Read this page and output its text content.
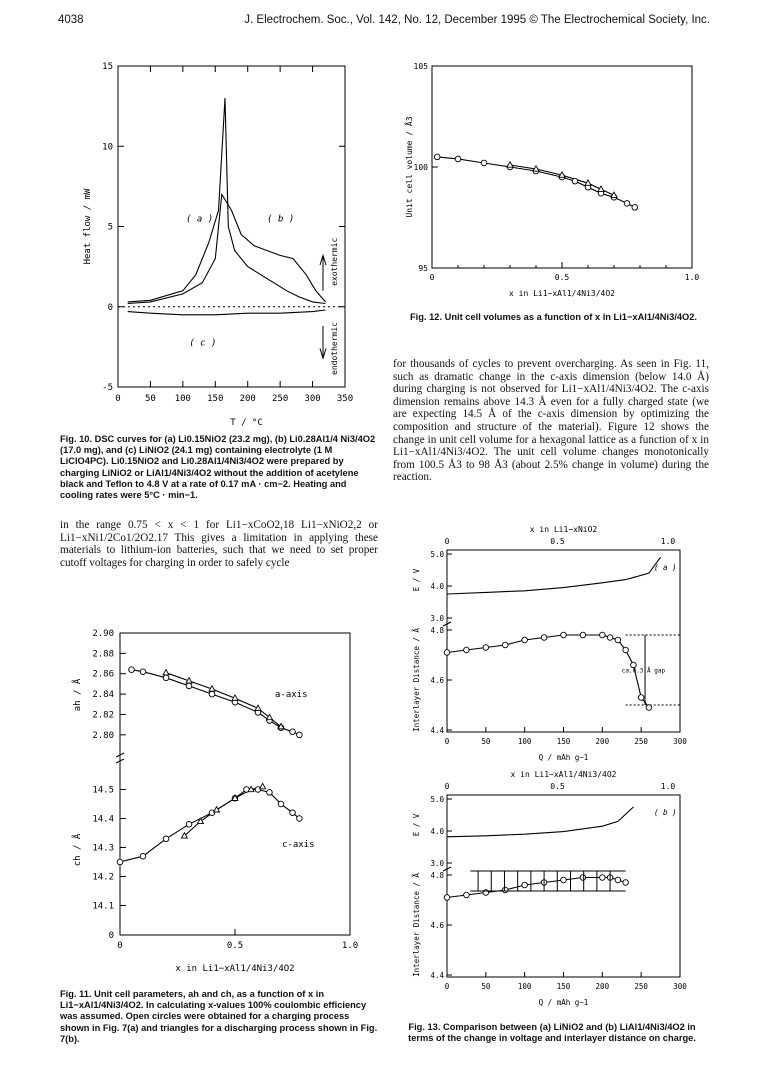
4038	J. Electrochem. Soc., Vol. 142, No. 12, December 1995 © The Electrochemical Society, Inc.
0	50 100 150 200 250 300 350
-5
0
5
10
15
Heat flow / mW
T / °C
( a )	( b )
( c )
exothermic
endothermic
Fig. 10. DSC curves for (a) Li0.15NiO2 (23.2 mg), (b) Li0.28Al1/4 Ni3/4O2 (17.0 mg), and (c) LiNiO2 (24.1 mg) containing electrolyte (1 M LiClO4PC). Li0.15NiO2 and Li0.28Al1/4Ni3/4O2 were prepared by charging LiNiO2 or LiAl1/4Ni3/4O2 without the addition of acetylene black and Teflon to 4.8 V at a rate of 0.17 mA · cm−2. Heating and cooling rates were 5°C · min−1.
0	0.5	1.0
95
100
105
Unit cell volume / Å3
x in Li1−xAl1/4Ni3/4O2
Fig. 12. Unit cell volumes as a function of x in Li1−xAl1/4Ni3/4O2.
for thousands of cycles to prevent overcharging. As seen in Fig. 11, such as dramatic change in the c-axis dimension (below 14.0 Å) during charging is not observed for Li1−xAl1/4Ni3/4O2. The c-axis dimension remains above 14.3 Å even for a fully charged state (we are expecting 14.5 Å of the c-axis dimension by optimizing the composition and structure of the material). Figure 12 shows the change in unit cell volume for a hexagonal lattice as a function of x in Li1−xAl1/4Ni3/4O2. The unit cell volume changes monotonically from 100.5 Å3 to 98 Å3 (about 2.5% change in volume) during the reaction.
in the range 0.75 < x < 1 for Li1−xCoO2,18 Li1−xNiO2,2 or Li1−xNi1/2Co1/2O2.17 This gives a limitation in applying these materials to lithium-ion batteries, such that we need to set proper cutoff voltages for charging in order to safely cycle
2.80
2.82
2.84
2.86
2.88
2.90
14.1
14.2
14.3
14.4
14.5
0
0	0.5	1.0
ah / Å
ch / Å
a-axis
c-axis
x in Li1−xAl1/4Ni3/4O2
Fig. 11. Unit cell parameters, ah and ch, as a function of x in Li1−xAl1/4Ni3/4O2. In calculating x-values 100% coulombic efficiency was assumed. Open circles were obtained for a charging process shown in Fig. 7(a) and triangles for a discharging process shown in Fig. 7(b).
x in Li1−xNiO2
0	0.5	1.0
3.0
4.0
5.0
4.4
4.6
4.8
0	50	100	150	200	250	300
E / V
Interlayer Distance / Å
Q / mAh g−1
( a )
ca.0.3 Å gap
x in Li1−xAl1/4Ni3/4O2
0	0.5	1.0
3.0
4.0
5.0
4.4
4.6
4.8
0	50	100	150	200	250	300
E / V
Interlayer Distance / Å
Q / mAh g−1
( b )
Fig. 13. Comparison between (a) LiNiO2 and (b) LiAl1/4Ni3/4O2 in terms of the change in voltage and interlayer distance on charge.
